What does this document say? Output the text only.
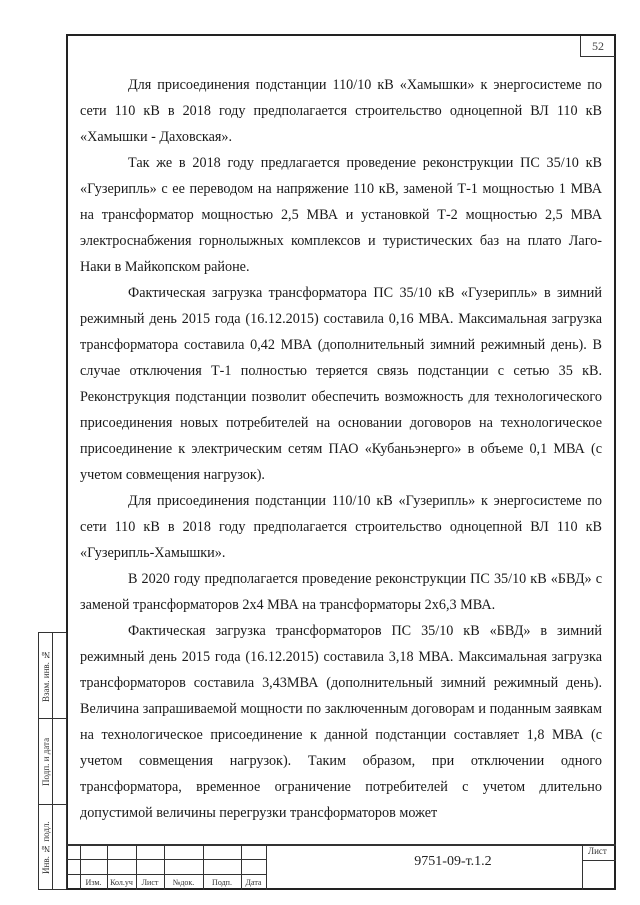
52

Для присоединения подстанции 110/10 кВ «Хамышки» к энергосистеме по сети 110 кВ в 2018 году предполагается строительство одноцепной ВЛ 110 кВ «Хамышки - Даховская».

Так же в 2018 году предлагается проведение реконструкции ПС 35/10 кВ «Гузерипль» с ее переводом на напряжение 110 кВ, заменой Т-1 мощностью 1 МВА на трансформатор мощностью 2,5 МВА и установкой Т-2 мощностью 2,5 МВА электроснабжения горнолыжных комплексов и туристических баз на плато Лаго-Наки в Майкопском районе.

Фактическая загрузка трансформатора ПС 35/10 кВ «Гузерипль» в зимний режимный день 2015 года (16.12.2015) составила 0,16 МВА. Максимальная загрузка трансформатора составила 0,42 МВА (дополнительный зимний режимный день). В случае отключения Т-1 полностью теряется связь подстанции с сетью 35 кВ. Реконструкция подстанции позволит обеспечить возможность для технологического присоединения новых потребителей на основании договоров на технологическое присоединение к электрическим сетям ПАО «Кубаньэнерго» в объеме 0,1 МВА (с учетом совмещения нагрузок).

Для присоединения подстанции 110/10 кВ «Гузерипль» к энергосистеме по сети 110 кВ в 2018 году предполагается строительство одноцепной ВЛ 110 кВ «Гузерипль-Хамышки».

В 2020 году предполагается проведение реконструкции ПС 35/10 кВ «БВД» с заменой трансформаторов 2х4 МВА на трансформаторы 2х6,3 МВА.

Фактическая загрузка трансформаторов ПС 35/10 кВ «БВД» в зимний режимный день 2015 года (16.12.2015) составила 3,18 МВА. Максимальная загрузка трансформаторов составила 3,43МВА (дополнительный зимний режимный день). Величина запрашиваемой мощности по заключенным договорам и поданным заявкам на технологическое присоединение к данной подстанции составляет 1,8 МВА (с учетом совмещения нагрузок). Таким образом, при отключении одного трансформатора, временное ограничение потребителей с учетом длительно допустимой величины перегрузки трансформаторов может

Взам. инв. №
Подп. и дата
Инв. № подл.
Изм.	Кол.уч	Лист	№док.	Подп.	Дата
9751-09-т.1.2
Лист
